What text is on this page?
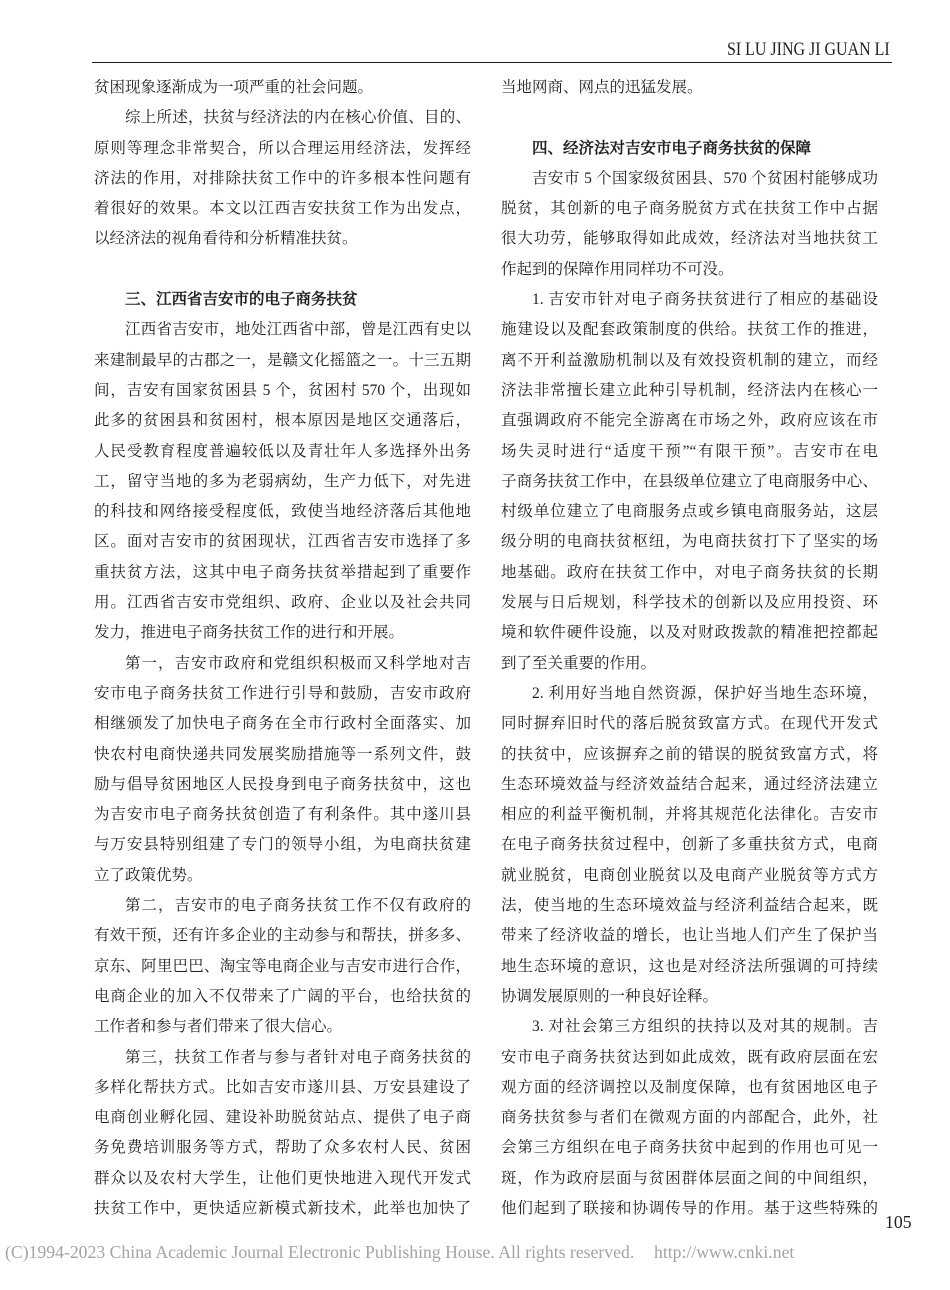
SI LU JING JI GUAN LI
贫困现象逐渐成为一项严重的社会问题。
综上所述，扶贫与经济法的内在核心价值、目的、
原则等理念非常契合，所以合理运用经济法，发挥经
济法的作用，对排除扶贫工作中的许多根本性问题有
着很好的效果。本文以江西吉安扶贫工作为出发点，
以经济法的视角看待和分析精准扶贫。
三、江西省吉安市的电子商务扶贫
江西省吉安市，地处江西省中部，曾是江西有史以
来建制最早的古郡之一，是赣文化摇篮之一。十三五期
间，吉安有国家贫困县 5 个，贫困村 570 个，出现如
此多的贫困县和贫困村，根本原因是地区交通落后，
人民受教育程度普遍较低以及青壮年人多选择外出务
工，留守当地的多为老弱病幼，生产力低下，对先进
的科技和网络接受程度低，致使当地经济落后其他地
区。面对吉安市的贫困现状，江西省吉安市选择了多
重扶贫方法，这其中电子商务扶贫举措起到了重要作
用。江西省吉安市党组织、政府、企业以及社会共同
发力，推进电子商务扶贫工作的进行和开展。
第一，吉安市政府和党组织积极而又科学地对吉
安市电子商务扶贫工作进行引导和鼓励，吉安市政府
相继颁发了加快电子商务在全市行政村全面落实、加
快农村电商快递共同发展奖励措施等一系列文件，鼓
励与倡导贫困地区人民投身到电子商务扶贫中，这也
为吉安市电子商务扶贫创造了有利条件。其中遂川县
与万安县特别组建了专门的领导小组，为电商扶贫建
立了政策优势。
第二，吉安市的电子商务扶贫工作不仅有政府的
有效干预，还有许多企业的主动参与和帮扶，拼多多、
京东、阿里巴巴、淘宝等电商企业与吉安市进行合作，
电商企业的加入不仅带来了广阔的平台，也给扶贫的
工作者和参与者们带来了很大信心。
第三，扶贫工作者与参与者针对电子商务扶贫的
多样化帮扶方式。比如吉安市遂川县、万安县建设了
电商创业孵化园、建设补助脱贫站点、提供了电子商
务免费培训服务等方式，帮助了众多农村人民、贫困
群众以及农村大学生，让他们更快地进入现代开发式
扶贫工作中，更快适应新模式新技术，此举也加快了
当地网商、网点的迅猛发展。
四、经济法对吉安市电子商务扶贫的保障
吉安市 5 个国家级贫困县、570 个贫困村能够成功
脱贫，其创新的电子商务脱贫方式在扶贫工作中占据
很大功劳，能够取得如此成效，经济法对当地扶贫工
作起到的保障作用同样功不可没。
1. 吉安市针对电子商务扶贫进行了相应的基础设
施建设以及配套政策制度的供给。扶贫工作的推进，
离不开利益激励机制以及有效投资机制的建立，而经
济法非常擅长建立此种引导机制，经济法内在核心一
直强调政府不能完全游离在市场之外，政府应该在市
场失灵时进行“适度干预”“有限干预”。吉安市在电
子商务扶贫工作中，在县级单位建立了电商服务中心、
村级单位建立了电商服务点或乡镇电商服务站，这层
级分明的电商扶贫枢纽，为电商扶贫打下了坚实的场
地基础。政府在扶贫工作中，对电子商务扶贫的长期
发展与日后规划，科学技术的创新以及应用投资、环
境和软件硬件设施，以及对财政拨款的精准把控都起
到了至关重要的作用。
2. 利用好当地自然资源，保护好当地生态环境，
同时摒弃旧时代的落后脱贫致富方式。在现代开发式
的扶贫中，应该摒弃之前的错误的脱贫致富方式，将
生态环境效益与经济效益结合起来，通过经济法建立
相应的利益平衡机制，并将其规范化法律化。吉安市
在电子商务扶贫过程中，创新了多重扶贫方式，电商
就业脱贫，电商创业脱贫以及电商产业脱贫等方式方
法，使当地的生态环境效益与经济利益结合起来，既
带来了经济收益的增长，也让当地人们产生了保护当
地生态环境的意识，这也是对经济法所强调的可持续
协调发展原则的一种良好诠释。
3. 对社会第三方组织的扶持以及对其的规制。吉
安市电子商务扶贫达到如此成效，既有政府层面在宏
观方面的经济调控以及制度保障，也有贫困地区电子
商务扶贫参与者们在微观方面的内部配合，此外，社
会第三方组织在电子商务扶贫中起到的作用也可见一
斑，作为政府层面与贫困群体层面之间的中间组织，
他们起到了联接和协调传导的作用。基于这些特殊的
105
(C)1994-2023 China Academic Journal Electronic Publishing House. All rights reserved. http://www.cnki.net
